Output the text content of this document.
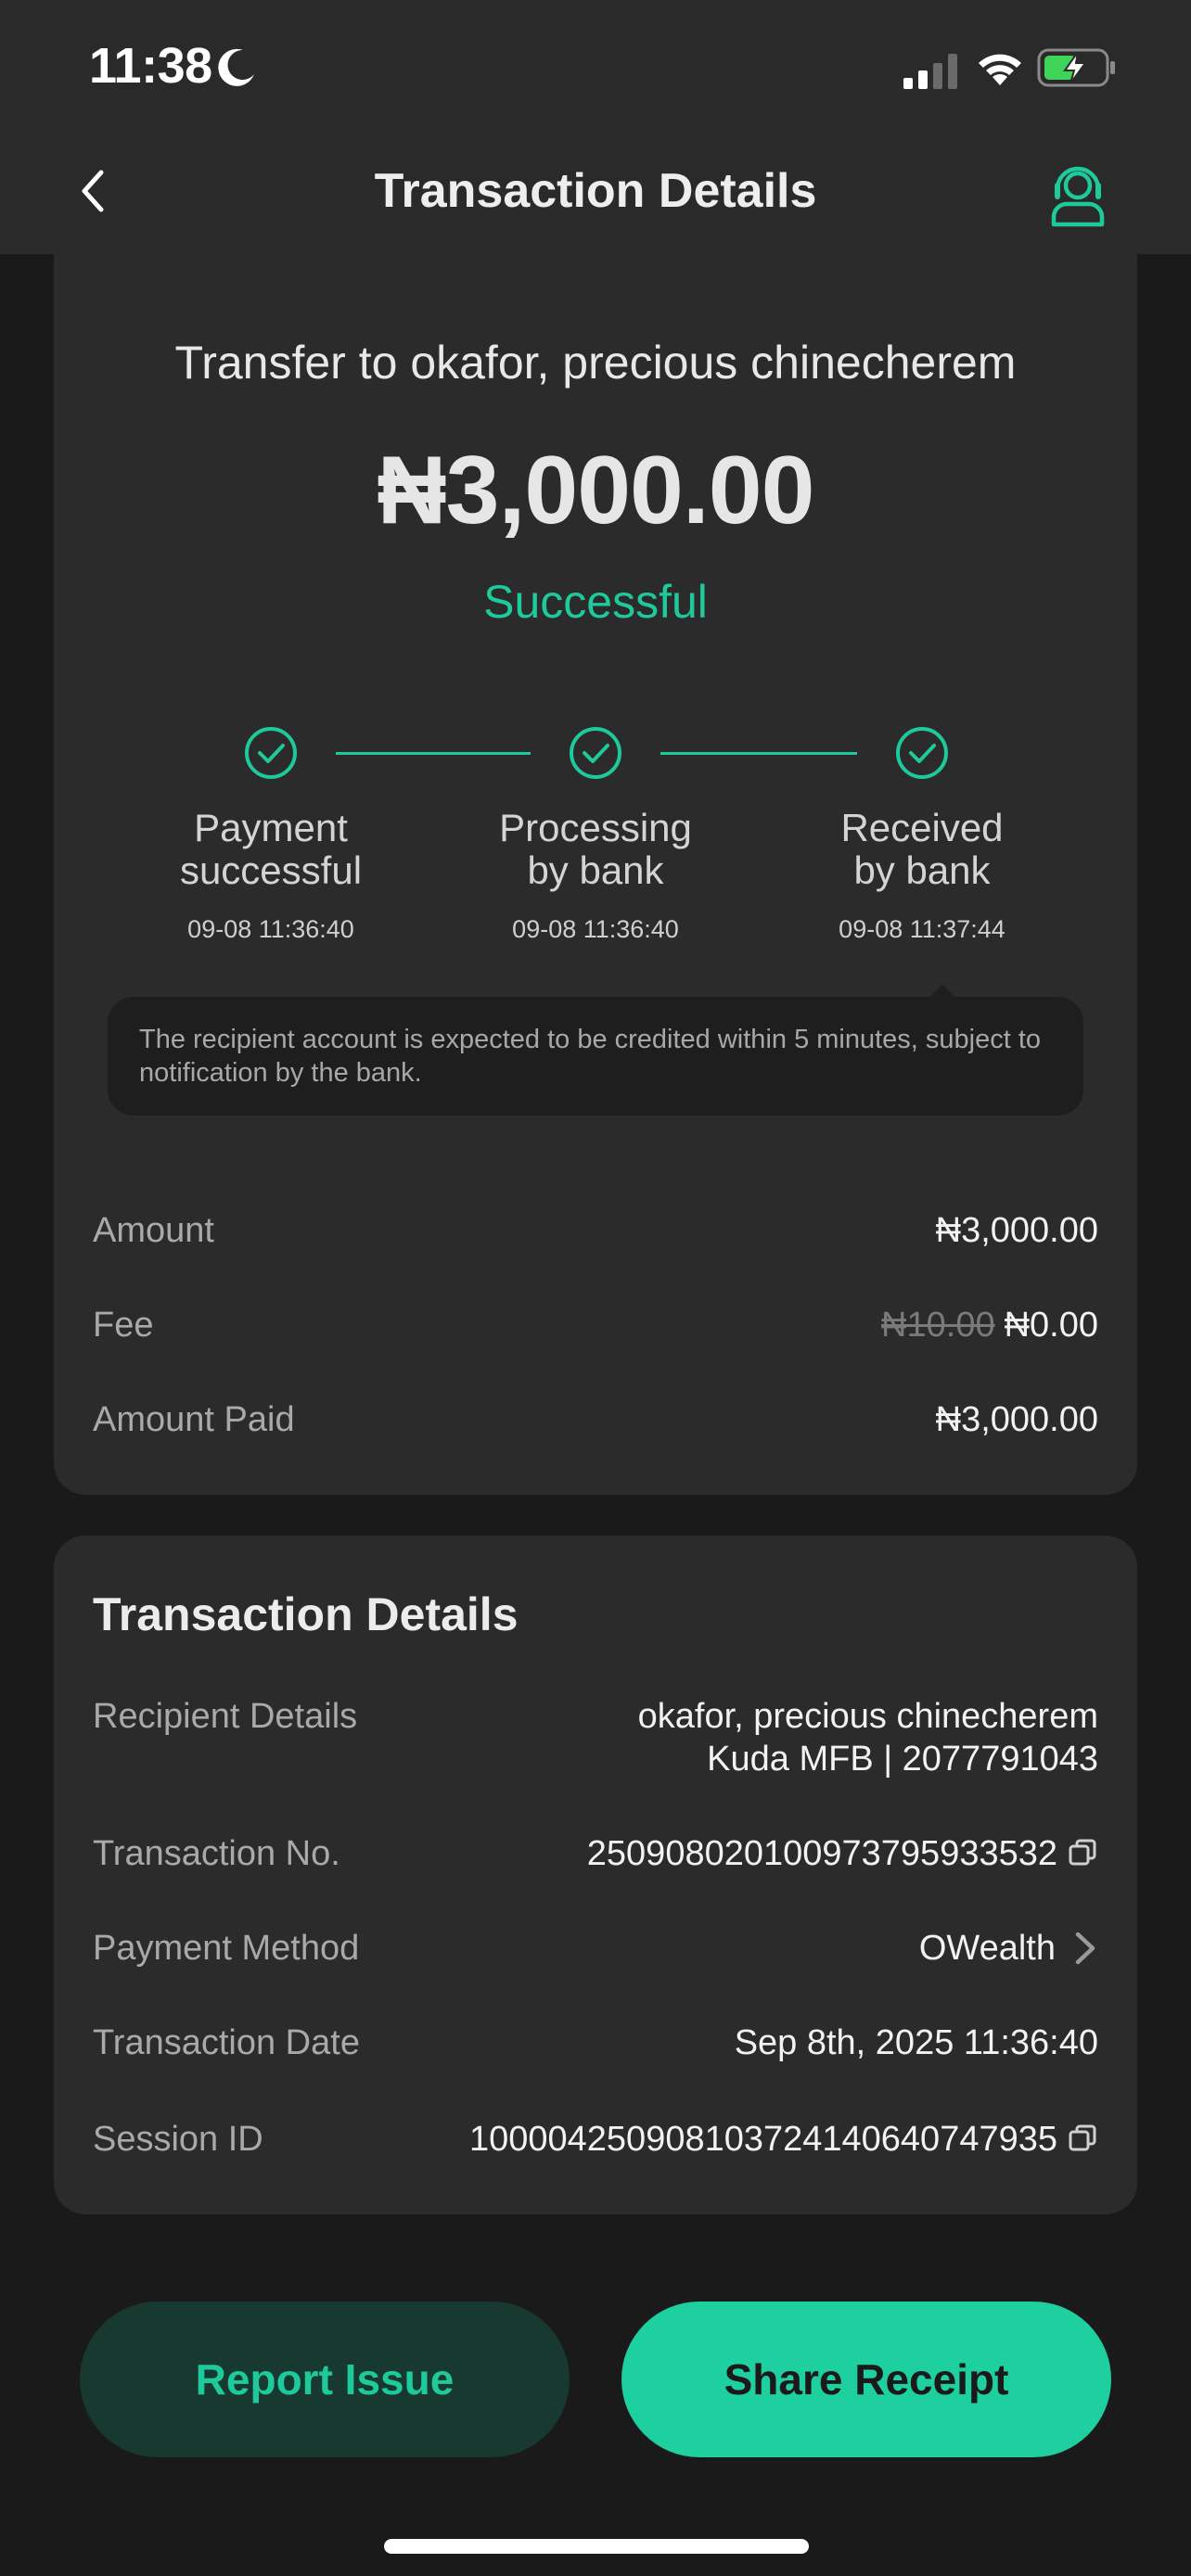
11:38
Transaction Details
Transfer to okafor, precious chinecherem
₦3,000.00
Successful
Payment
successful
09-08 11:36:40
Processing
by bank
09-08 11:36:40
Received
by bank
09-08 11:37:44
The recipient account is expected to be credited within 5 minutes, subject to notification by the bank.
Amount	₦3,000.00
Fee	₦10.00 ₦0.00
Amount Paid	₦3,000.00
Transaction Details
Recipient Details	okafor, precious chinecherem
Kuda MFB | 2077791043
Transaction No.	250908020100973795933532
Payment Method	OWealth
Transaction Date	Sep 8th, 2025 11:36:40
Session ID	100004250908103724140640747935
Report Issue	Share Receipt
